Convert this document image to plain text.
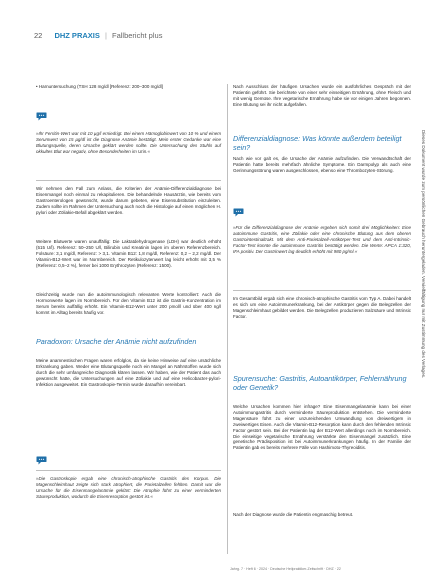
22 DHZ PRAXIS | Fallbericht plus
• Harnuntersuchung (TSH 128 mg/dl [Referenz: 200–300 mg/dl]
»Ihr Ferritin-Wert war mit 10 µg/l erniedrigt. Bei einem Hämoglobinwert von 10 % und einem Serumwert von 15 µg/dl ist die Diagnose Anämie bestätigt. Mein erster Gedanke war eine Blutungsquelle, deren Ursache geklärt werden sollte. Die Untersuchung des Stuhls auf okkultes Blut war negativ, ohne Besonderheiten im Urin.«
Wir nehmen den Fall zum Anlass, die Kriterien der Anämie-Differenzialdiagnose bei Eisenmangel noch einmal zu rekapitulieren. Die behandelnde Hausärztin, wie bereits vom Gastroenterologen gewünscht, wurde darum gebeten, eine Eisensubstitution einzuleiten. Zudem sollte im Rahmen der Untersuchung auch noch die Histologie auf einen möglichen H. pylori oder Zöliakie-Befall abgeklärt werden.
Weitere Blutwerte waren unauffällig: Die Laktatdehydrogenase (LDH) war deutlich erhöht (515 U/l). Referenz: 50–250 U/l, Bilirubin und Kreatinin lagen im oberen Referenzbereich. Folsäure: 3,1 mg/dl, Referenz: > 3,1. Vitamin B12: 1,8 mg/dl, Referenz: 0,2 – 2,2 mg/dl. Der Vitamin-B12-Wert war im Normbereich. Der Retikulozytenwert lag leicht erhöht mit 3,5 % (Referenz: 0,5–2 %), ferner bei 1000 Erythrozyten (Referenz: 1500).
Gleichzeitig wurde nun die autoimmunologisch relevanten Werte kontrolliert: Auch die Hormonwerte lagen im Normbereich. Für den Vitamin B12 ist die Gastrin-Konzentration im Serum bereits auffällig erhöht. Ein Vitamin-B12-Wert unter 200 pmol/l und über 400 ng/l kommt im Alltag bereits häufig vor.
Paradoxon: Ursache der Anämie nicht aufzufinden
Meine anamnestischen Fragen waren erfolglos, da sie keine Hinweise auf eine ursächliche Erkrankung gaben. Weder eine Blutungsquelle noch ein Mangel an Nährstoffen wurde sich durch die sehr umfangreiche Diagnostik klären lassen. Wir haben, wie der Patient das auch gewünscht hatte, die Untersuchungen auf eine Zöliakie und auf eine Helicobacter-pylori-Infektion ausgeweitet. Ein Gastroskopie-Termin wurde daraufhin vereinbart.
»Die Gastroskopie ergab eine chronisch-atrophische Gastritis des Korpus. Die Magenschleimhaut zeigte sich stark atrophiert, die Parietalzellen fehlten. Damit war die Ursache für die Eisenmangelanämie geklärt: Die Atrophie führt zu einer verminderten Säureproduktion, wodurch die Eisenresorption gestört ist.«
Nach Ausschluss der häufigen Ursachen wurde ein ausführliches Gespräch mit der Patientin geführt. Sie berichtete von einer sehr einseitigen Ernährung, ohne Fleisch und mit wenig Gemüse. Ihre vegetarische Ernährung habe sie vor einigen Jahren begonnen. Eine Blutung sei ihr nicht aufgefallen.
Differenzialdiagnose: Was könnte außerdem beteiligt sein?
Nach wie vor galt es, die Ursache der Anämie aufzufinden. Die Verwandtschaft der Patientin hatte bereits mehrfach ähnliche Symptome. Ein Darmpolyp als auch eine Gerinnungsstörung waren ausgeschlossen, ebenso eine Thrombozyten-Störung.
»Für die Differenzialdiagnose der Anämie ergeben sich somit drei Möglichkeiten: Eine autoimmune Gastritis, eine Zöliakie oder eine chronische Blutung aus dem oberen Gastrointestinaltrakt. Mit dem Anti-Parietalzell-Antikörper-Test und dem Anti-Intrinsic-Factor-Test konnte die autoimmune Gastritis bestätigt werden. Die Werte: APCA 1:320, IFA positiv. Der Gastrinwert lag deutlich erhöht mit 980 pg/ml.«
Im Gesamtbild ergab sich eine chronisch-atrophische Gastritis vom Typ A. Dabei handelt es sich um eine Autoimmunerkrankung, bei der Antikörper gegen die Belegzellen der Magenschleimhaut gebildet werden. Die Belegzellen produzieren Salzsäure und Intrinsic Factor.
Spurensuche: Gastritis, Autoantikörper, Fehlernährung oder Genetik?
Welche Ursachen kommen hier infrage? Eine Eisenmangelanämie kann bei einer Autoimmungastritis durch verminderte Säureproduktion entstehen. Die verminderte Magensäure führt zu einer unzureichenden Umwandlung von dreiwertigem in zweiwertiges Eisen. Auch die Vitamin-B12-Resorption kann durch den fehlenden Intrinsic Factor gestört sein. Bei der Patientin lag der B12-Wert allerdings noch im Normbereich. Die einseitige vegetarische Ernährung verstärkte den Eisenmangel zusätzlich. Eine genetische Prädisposition ist bei Autoimmunerkrankungen häufig. In der Familie der Patientin gab es bereits mehrere Fälle von Hashimoto-Thyreoiditis.
Nach der Diagnose wurde die Patientin engmaschig betreut.
Dieses Dokument wurde zum persönlichen Gebrauch heruntergeladen. Vervielfältigung nur mit Zustimmung des Verlages.
Jahrg. 7 · Heft 6 · 2024 · Deutsche Heilpraktiker-Zeitschrift · DHZ · 22
